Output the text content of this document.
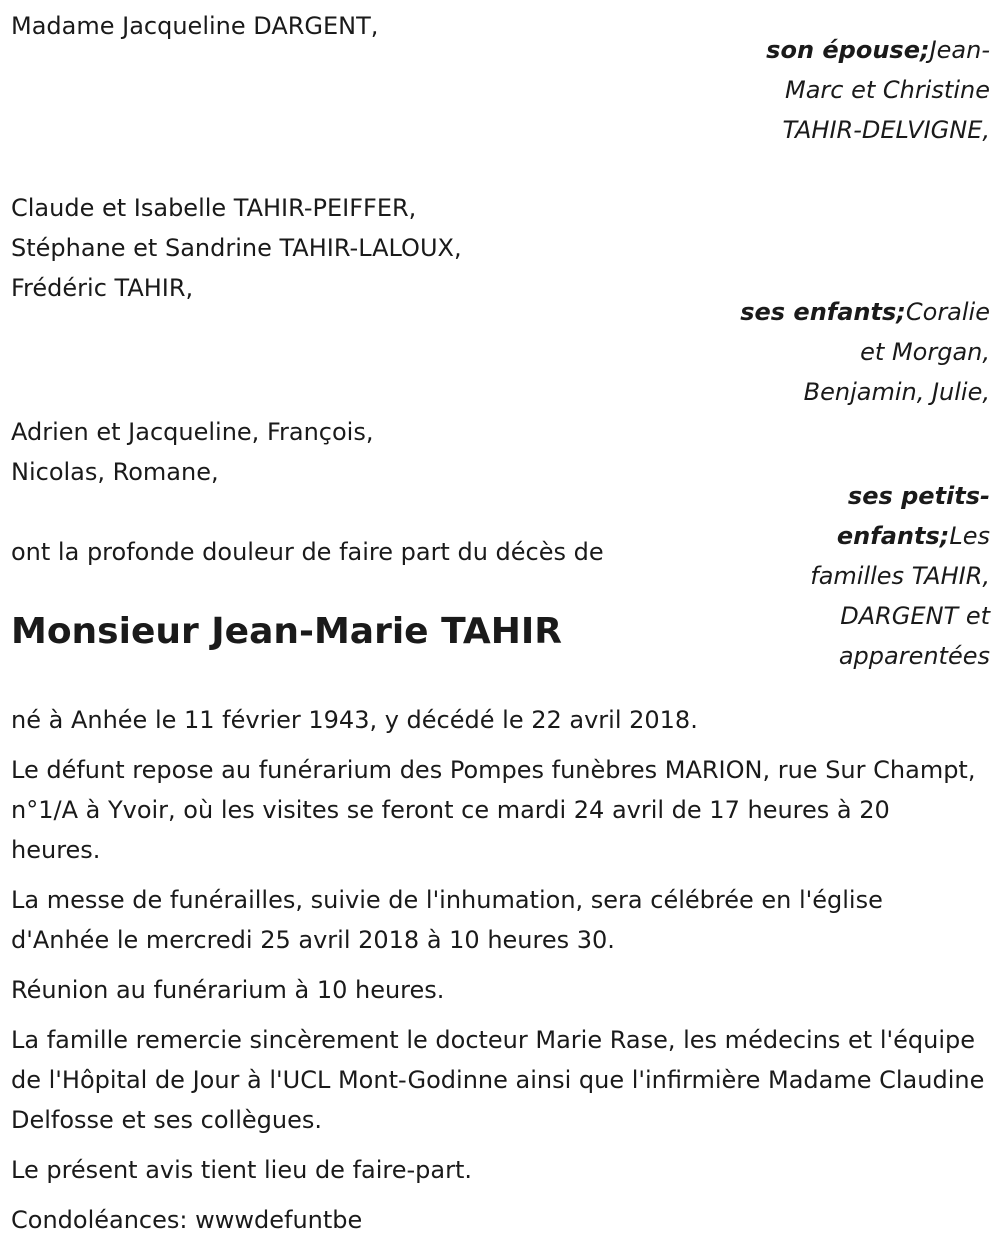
Madame Jacqueline DARGENT,
son épouse;Jean-Marc et Christine TAHIR-DELVIGNE,
Claude et Isabelle TAHIR-PEIFFER,
Stéphane et Sandrine TAHIR-LALOUX,
Frédéric TAHIR,
ses enfants;Coralie et Morgan, Benjamin, Julie,
Adrien et Jacqueline, François,
Nicolas, Romane,
ses petits-enfants;Les familles TAHIR, DARGENT et apparentées
ont la profonde douleur de faire part du décès de
Monsieur Jean-Marie TAHIR

né à Anhée le 11 février 1943, y décédé le 22 avril 2018.

Le défunt repose au funérarium des Pompes funèbres MARION, rue Sur Champt, n°1/A à Yvoir, où les visites se feront ce mardi 24 avril de 17 heures à 20 heures.

La messe de funérailles, suivie de l'inhumation, sera célébrée en l'église d'Anhée le mercredi 25 avril 2018 à 10 heures 30.

Réunion au funérarium à 10 heures.

La famille remercie sincèrement le docteur Marie Rase, les médecins et l'équipe de l'Hôpital de Jour à l'UCL Mont-Godinne ainsi que l'infirmière Madame Claudine Delfosse et ses collègues.

Le présent avis tient lieu de faire-part.

Condoléances: wwwdefuntbe
